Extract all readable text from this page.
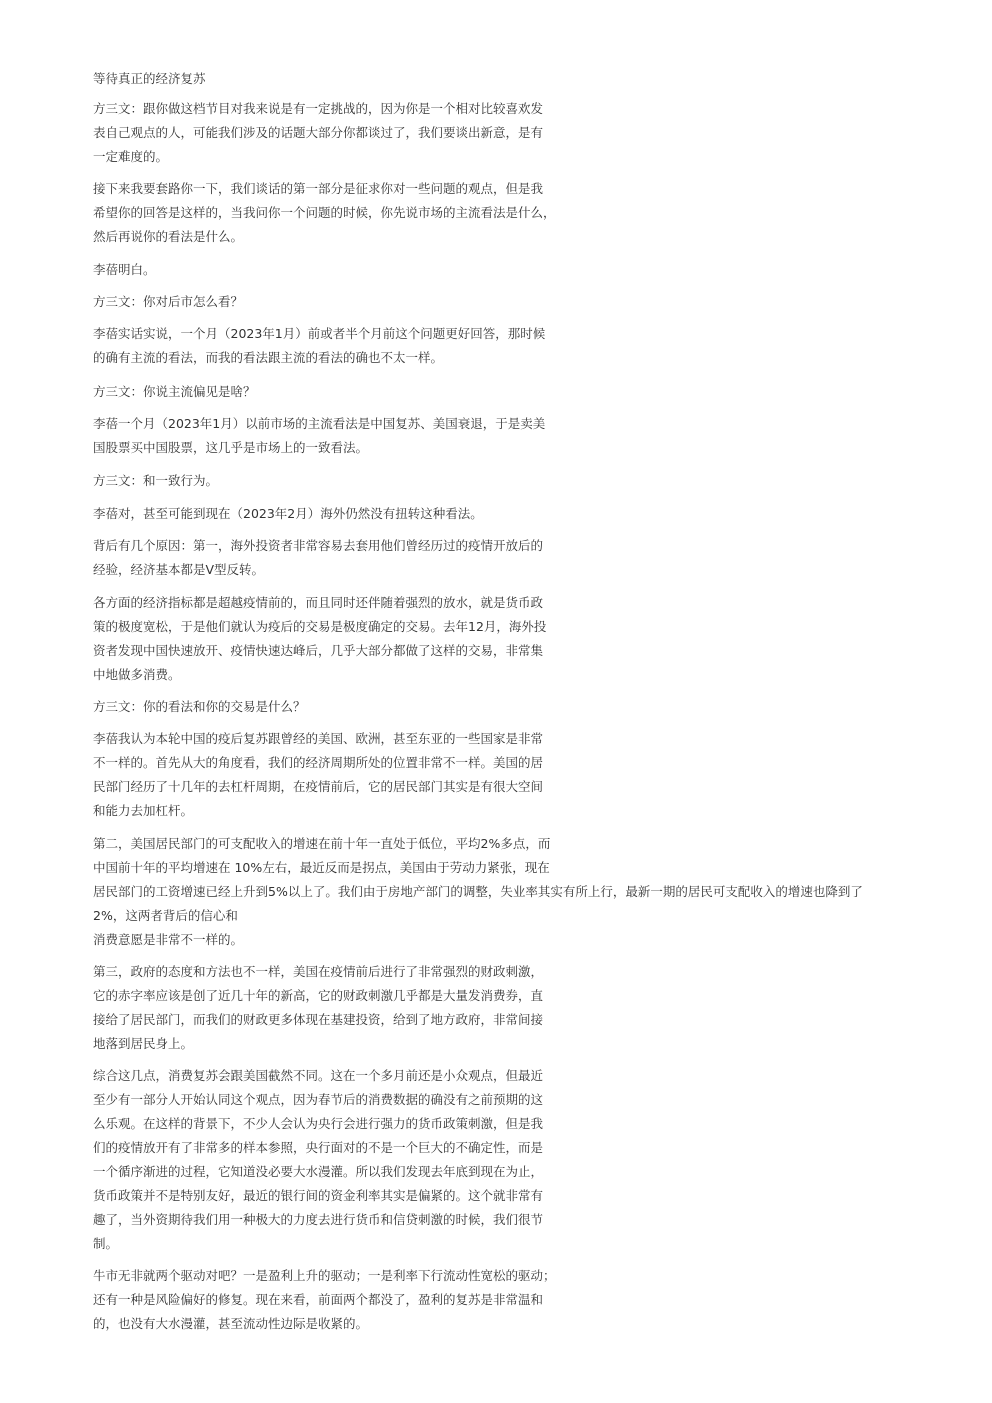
等待真正的经济复苏
方三文：跟你做这档节目对我来说是有一定挑战的，因为你是一个相对比较喜欢发
表自己观点的人，可能我们涉及的话题大部分你都谈过了，我们要谈出新意，是有
一定难度的。
接下来我要套路你一下，我们谈话的第一部分是征求你对一些问题的观点，但是我
希望你的回答是这样的，当我问你一个问题的时候，你先说市场的主流看法是什么，
然后再说你的看法是什么。
李蓓明白。
方三文：你对后市怎么看？
李蓓实话实说，一个月（2023年1月）前或者半个月前这个问题更好回答，那时候
的确有主流的看法，而我的看法跟主流的看法的确也不太一样。
方三文：你说主流偏见是啥？
李蓓一个月（2023年1月）以前市场的主流看法是中国复苏、美国衰退，于是卖美
国股票买中国股票，这几乎是市场上的一致看法。
方三文：和一致行为。
李蓓对，甚至可能到现在（2023年2月）海外仍然没有扭转这种看法。
背后有几个原因：第一，海外投资者非常容易去套用他们曾经历过的疫情开放后的
经验，经济基本都是V型反转。
各方面的经济指标都是超越疫情前的，而且同时还伴随着强烈的放水，就是货币政
策的极度宽松，于是他们就认为疫后的交易是极度确定的交易。去年12月，海外投
资者发现中国快速放开、疫情快速达峰后，几乎大部分都做了这样的交易，非常集
中地做多消费。
方三文：你的看法和你的交易是什么？
李蓓我认为本轮中国的疫后复苏跟曾经的美国、欧洲，甚至东亚的一些国家是非常
不一样的。首先从大的角度看，我们的经济周期所处的位置非常不一样。美国的居
民部门经历了十几年的去杠杆周期，在疫情前后，它的居民部门其实是有很大空间
和能力去加杠杆。
第二，美国居民部门的可支配收入的增速在前十年一直处于低位，平均2%多点，而
中国前十年的平均增速在 10%左右，最近反而是拐点，美国由于劳动力紧张，现在
居民部门的工资增速已经上升到5%以上了。我们由于房地产部门的调整，失业率其实有所上行，最新一期的居民可支配收入的增速也降到了
2%，这两者背后的信心和
消费意愿是非常不一样的。
第三，政府的态度和方法也不一样，美国在疫情前后进行了非常强烈的财政刺激，
它的赤字率应该是创了近几十年的新高，它的财政刺激几乎都是大量发消费券，直
接给了居民部门，而我们的财政更多体现在基建投资，给到了地方政府，非常间接
地落到居民身上。
综合这几点，消费复苏会跟美国截然不同。这在一个多月前还是小众观点，但最近
至少有一部分人开始认同这个观点，因为春节后的消费数据的确没有之前预期的这
么乐观。在这样的背景下，不少人会认为央行会进行强力的货币政策刺激，但是我
们的疫情放开有了非常多的样本参照，央行面对的不是一个巨大的不确定性，而是
一个循序渐进的过程，它知道没必要大水漫灌。所以我们发现去年底到现在为止，
货币政策并不是特别友好，最近的银行间的资金利率其实是偏紧的。这个就非常有
趣了，当外资期待我们用一种极大的力度去进行货币和信贷刺激的时候，我们很节
制。
牛市无非就两个驱动对吧？一是盈利上升的驱动；一是利率下行流动性宽松的驱动；
还有一种是风险偏好的修复。现在来看，前面两个都没了，盈利的复苏是非常温和
的，也没有大水漫灌，甚至流动性边际是收紧的。
